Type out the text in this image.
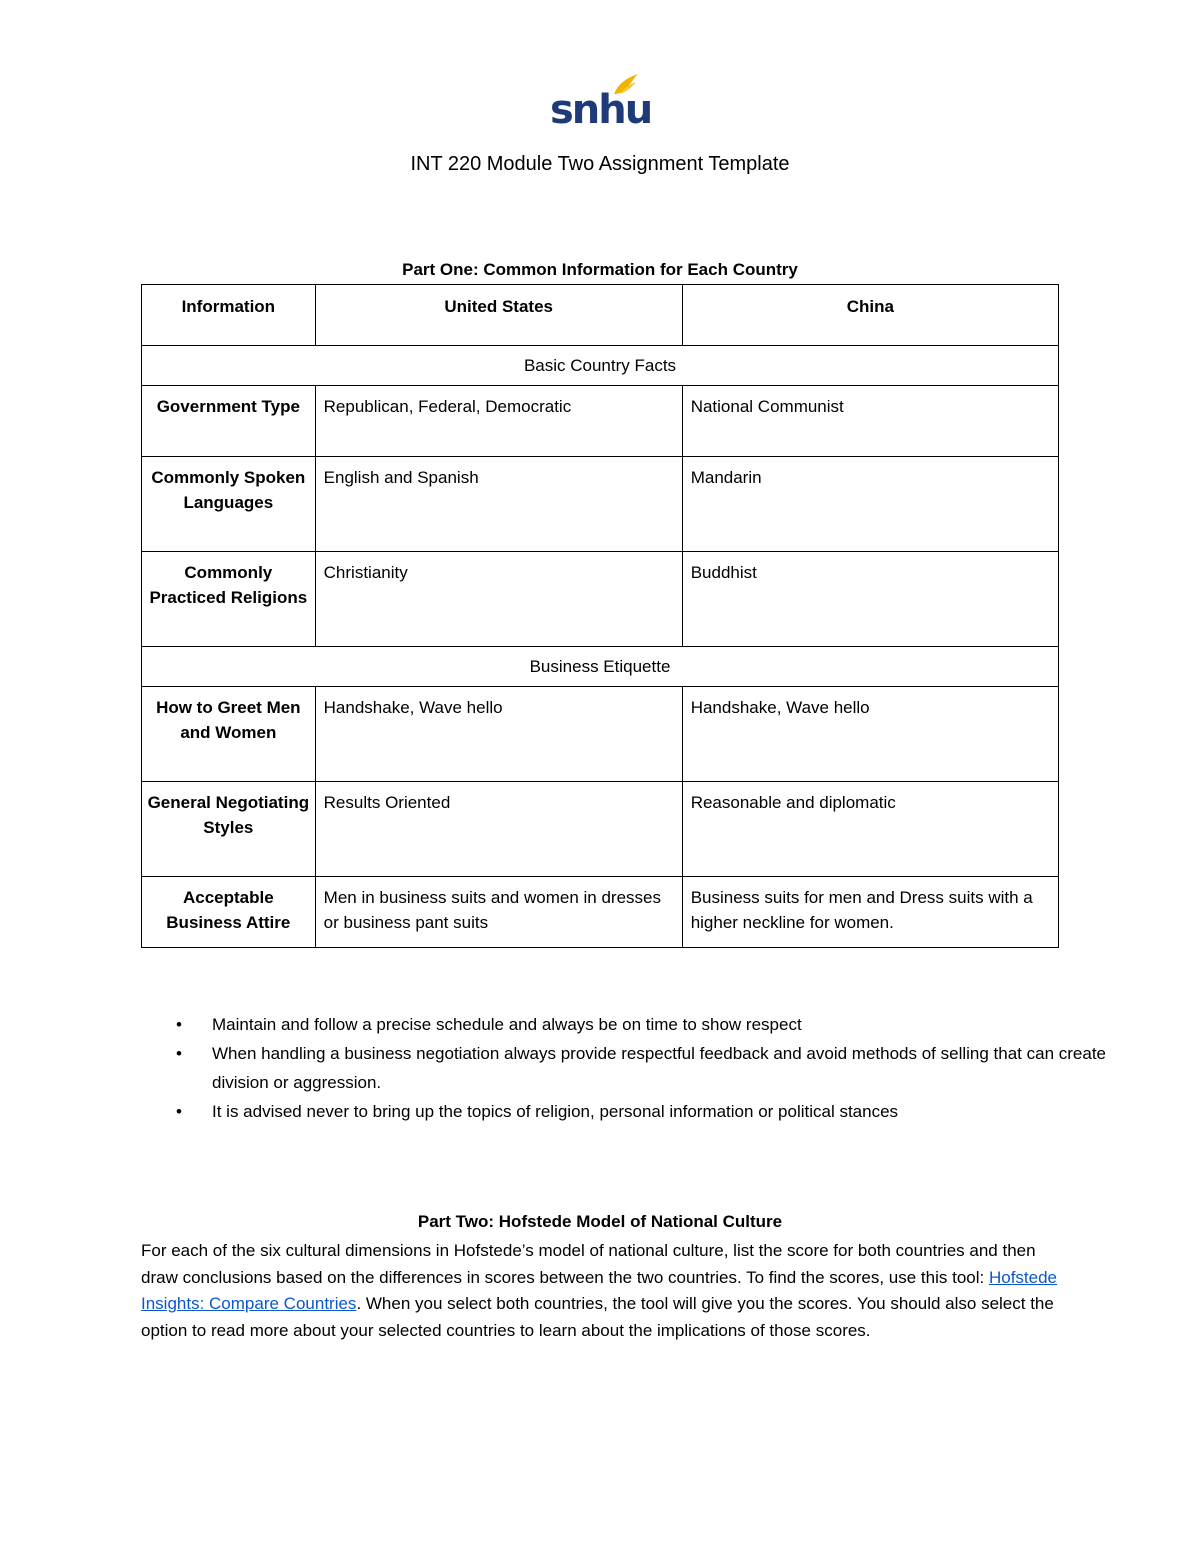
snhu
INT 220 Module Two Assignment Template
Part One: Common Information for Each Country
Information	United States	China
Basic Country Facts		
Government Type	Republican, Federal, Democratic	National Communist
Commonly Spoken Languages	English and Spanish	Mandarin
Commonly Practiced Religions	Christianity	Buddhist
Business Etiquette		
How to Greet Men and Women	Handshake, Wave hello	Handshake, Wave hello
General Negotiating Styles	Results Oriented	Reasonable and diplomatic
Acceptable Business Attire	Men in business suits and women in dresses or business pant suits	Business suits for men and Dress suits with a higher neckline for women.
• Maintain and follow a precise schedule and always be on time to show respect
• When handling a business negotiation always provide respectful feedback and avoid methods of selling that can create division or aggression.
• It is advised never to bring up the topics of religion, personal information or political stances
Part Two: Hofstede Model of National Culture
For each of the six cultural dimensions in Hofstede’s model of national culture, list the score for both countries and then draw conclusions based on the differences in scores between the two countries. To find the scores, use this tool: Hofstede Insights: Compare Countries. When you select both countries, the tool will give you the scores. You should also select the option to read more about your selected countries to learn about the implications of those scores.
